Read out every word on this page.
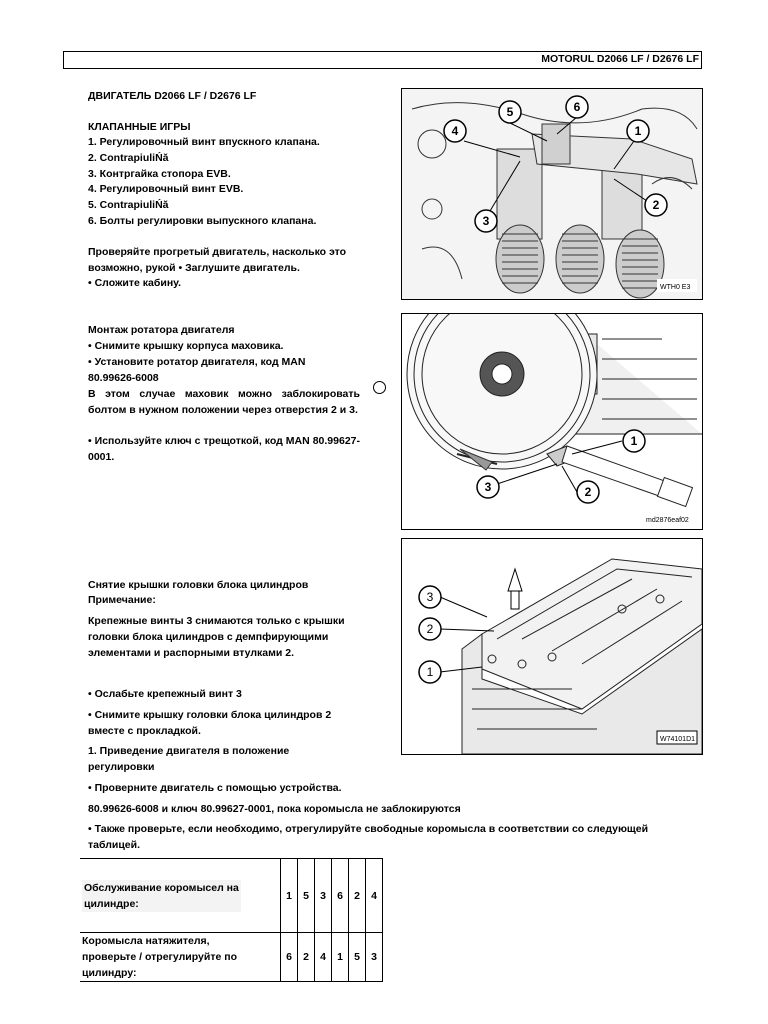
MOTORUL D2066 LF / D2676 LF
ДВИГАТЕЛЬ D2066 LF / D2676 LF
КЛАПАННЫЕ ИГРЫ
1. Регулировочный винт впускного клапана.
2. ContrapiuliŃă
3. Контргайка стопора EVB.
4. Регулировочный винт EVB.
5. ContrapiuliŃă
6. Болты регулировки выпускного клапана.
Проверяйте прогретый двигатель, насколько это
возможно, рукой • Заглушите двигатель.
• Сложите кабину.
Монтаж ротатора двигателя
• Снимите крышку корпуса маховика.
• Установите ротатор двигателя, код MAN
80.99626-6008
В этом случае маховик можно заблокировать болтом в нужном положении через отверстия 2 и 3.
• Используйте ключ с трещоткой, код MAN 80.99627-0001.
Снятие крышки головки блока цилиндров
Примечание:
Крепежные винты 3 снимаются только с крышки
головки блока цилиндров с демпфирующими
элементами и распорными втулками 2.
• Ослабьте крепежный винт 3
• Снимите крышку головки блока цилиндров 2
вместе с прокладкой.
1. Приведение двигателя в положение
регулировки
• Проверните двигатель с помощью устройства.
80.99626-6008 и ключ 80.99627-0001, пока коромысла не заблокируются
• Также проверьте, если необходимо, отрегулируйте свободные коромысла в соответствии со следующей
таблицей.
5	6
4	1
2
3
WTH0 E3
1
3	2
md2876eaf02
3
2
1
W74101D1
Обслуживание коромысел на
цилиндре:	1	5	3	6	2	4
Коромысла натяжителя,
проверьте / отрегулируйте по
цилиндру:	6	2	4	1	5	3
